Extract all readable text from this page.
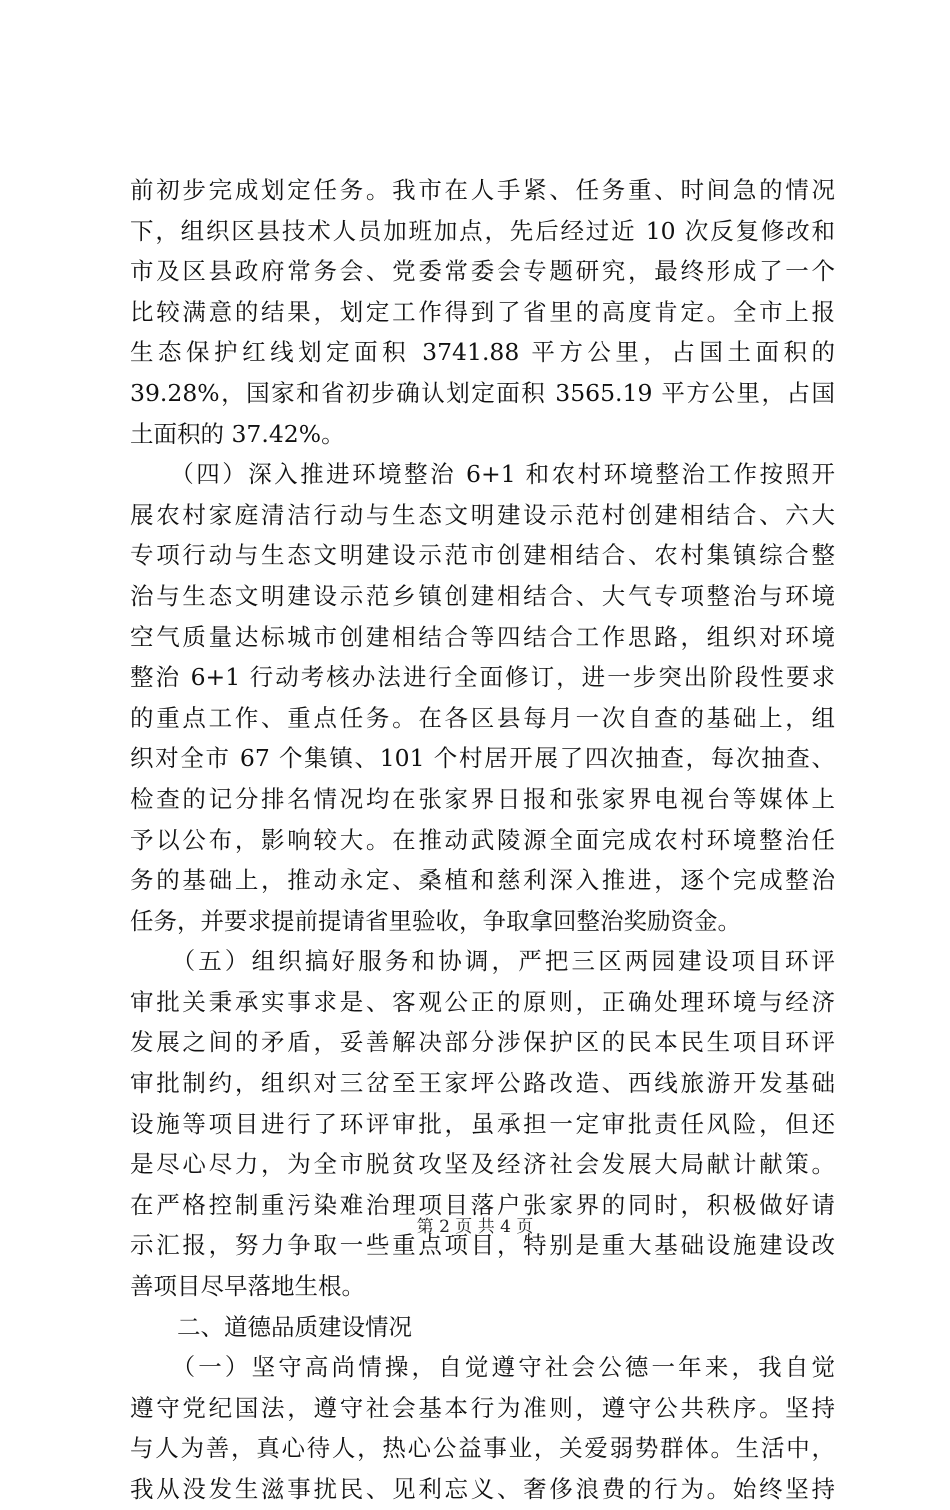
前初步完成划定任务。我市在人手紧、任务重、时间急的情况
下，组织区县技术人员加班加点，先后经过近 10 次反复修改和
市及区县政府常务会、党委常委会专题研究，最终形成了一个
比较满意的结果，划定工作得到了省里的高度肯定。全市上报
生态保护红线划定面积 3741.88 平方公里，占国土面积的
39.28%，国家和省初步确认划定面积 3565.19 平方公里，占国
土面积的 37.42%。
　　（四）深入推进环境整治 6+1 和农村环境整治工作按照开
展农村家庭清洁行动与生态文明建设示范村创建相结合、六大
专项行动与生态文明建设示范市创建相结合、农村集镇综合整
治与生态文明建设示范乡镇创建相结合、大气专项整治与环境
空气质量达标城市创建相结合等四结合工作思路，组织对环境
整治 6+1 行动考核办法进行全面修订，进一步突出阶段性要求
的重点工作、重点任务。在各区县每月一次自查的基础上，组
织对全市 67 个集镇、101 个村居开展了四次抽查，每次抽查、
检查的记分排名情况均在张家界日报和张家界电视台等媒体上
予以公布，影响较大。在推动武陵源全面完成农村环境整治任
务的基础上，推动永定、桑植和慈利深入推进，逐个完成整治
任务，并要求提前提请省里验收，争取拿回整治奖励资金。
　　（五）组织搞好服务和协调，严把三区两园建设项目环评
审批关秉承实事求是、客观公正的原则，正确处理环境与经济
发展之间的矛盾，妥善解决部分涉保护区的民本民生项目环评
审批制约，组织对三岔至王家坪公路改造、西线旅游开发基础
设施等项目进行了环评审批，虽承担一定审批责任风险，但还
是尽心尽力，为全市脱贫攻坚及经济社会发展大局献计献策。
在严格控制重污染难治理项目落户张家界的同时，积极做好请
示汇报，努力争取一些重点项目，特别是重大基础设施建设改
善项目尽早落地生根。
　　二、道德品质建设情况
　　（一）坚守高尚情操，自觉遵守社会公德一年来，我自觉
遵守党纪国法，遵守社会基本行为准则，遵守公共秩序。坚持
与人为善，真心待人，热心公益事业，关爱弱势群体。生活中，
我从没发生滋事扰民、见利忘义、奢侈浪费的行为。始终坚持
第 2 页 共 4 页
